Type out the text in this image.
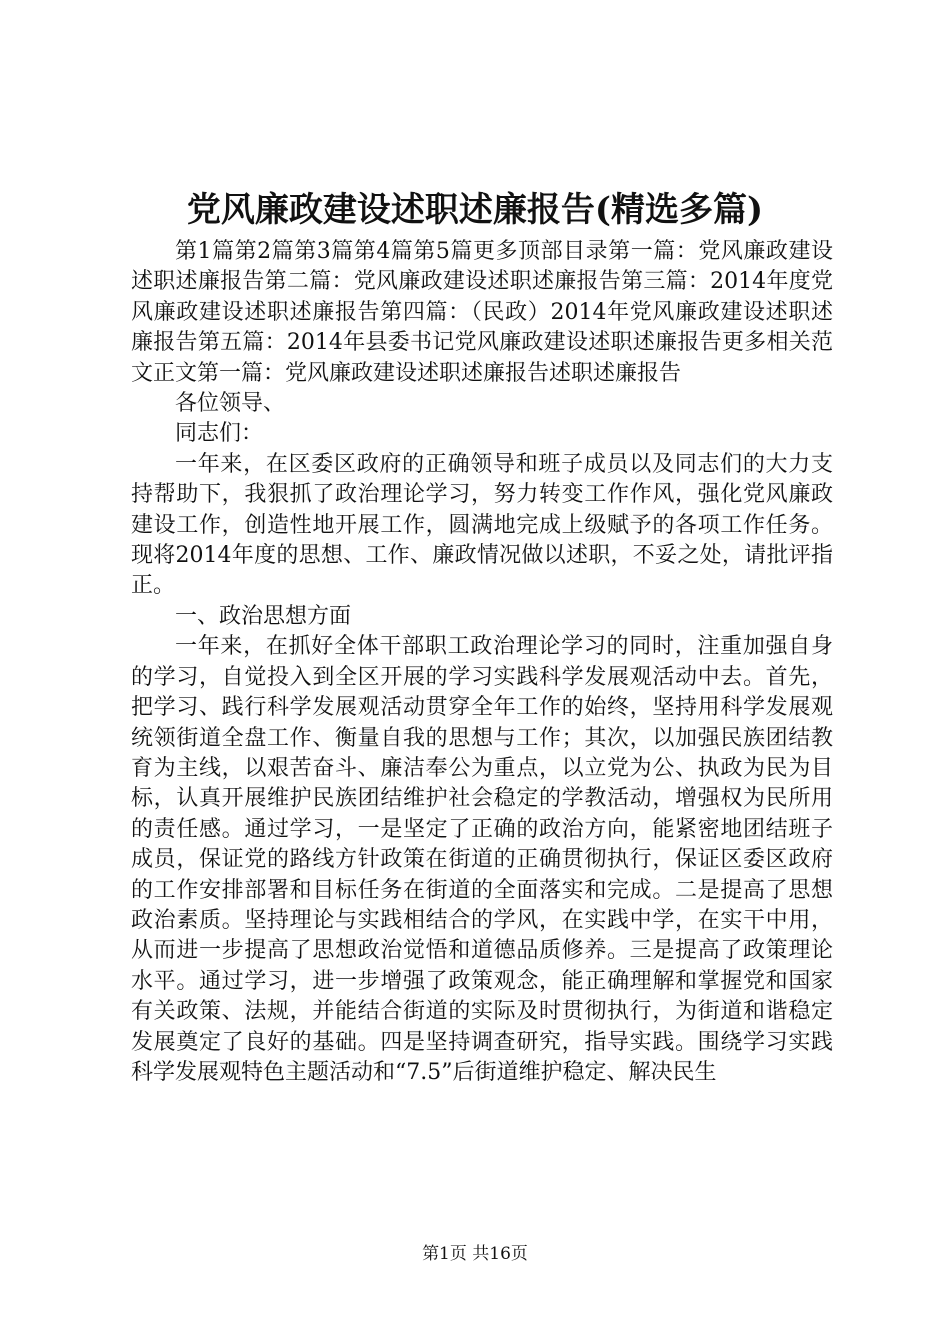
党风廉政建设述职述廉报告(精选多篇)

第1篇第2篇第3篇第4篇第5篇更多顶部目录第一篇：党风廉政建设述职述廉报告第二篇：党风廉政建设述职述廉报告第三篇：2014年度党风廉政建设述职述廉报告第四篇：（民政）2014年党风廉政建设述职述廉报告第五篇：2014年县委书记党风廉政建设述职述廉报告更多相关范文正文第一篇：党风廉政建设述职述廉报告述职述廉报告

各位领导、

同志们：

一年来，在区委区政府的正确领导和班子成员以及同志们的大力支持帮助下，我狠抓了政治理论学习，努力转变工作作风，强化党风廉政建设工作，创造性地开展工作，圆满地完成上级赋予的各项工作任务。现将2014年度的思想、工作、廉政情况做以述职，不妥之处，请批评指正。

一、政治思想方面

一年来，在抓好全体干部职工政治理论学习的同时，注重加强自身的学习，自觉投入到全区开展的学习实践科学发展观活动中去。首先，把学习、践行科学发展观活动贯穿全年工作的始终，坚持用科学发展观统领街道全盘工作、衡量自我的思想与工作；其次，以加强民族团结教育为主线，以艰苦奋斗、廉洁奉公为重点，以立党为公、执政为民为目标，认真开展维护民族团结维护社会稳定的学教活动，增强权为民所用的责任感。通过学习，一是坚定了正确的政治方向，能紧密地团结班子成员，保证党的路线方针政策在街道的正确贯彻执行，保证区委区政府的工作安排部署和目标任务在街道的全面落实和完成。二是提高了思想政治素质。坚持理论与实践相结合的学风，在实践中学，在实干中用，从而进一步提高了思想政治觉悟和道德品质修养。三是提高了政策理论水平。通过学习，进一步增强了政策观念，能正确理解和掌握党和国家有关政策、法规，并能结合街道的实际及时贯彻执行，为街道和谐稳定发展奠定了良好的基础。四是坚持调查研究，指导实践。围绕学习实践科学发展观特色主题活动和“7.5”后街道维护稳定、解决民生

第1页 共16页
